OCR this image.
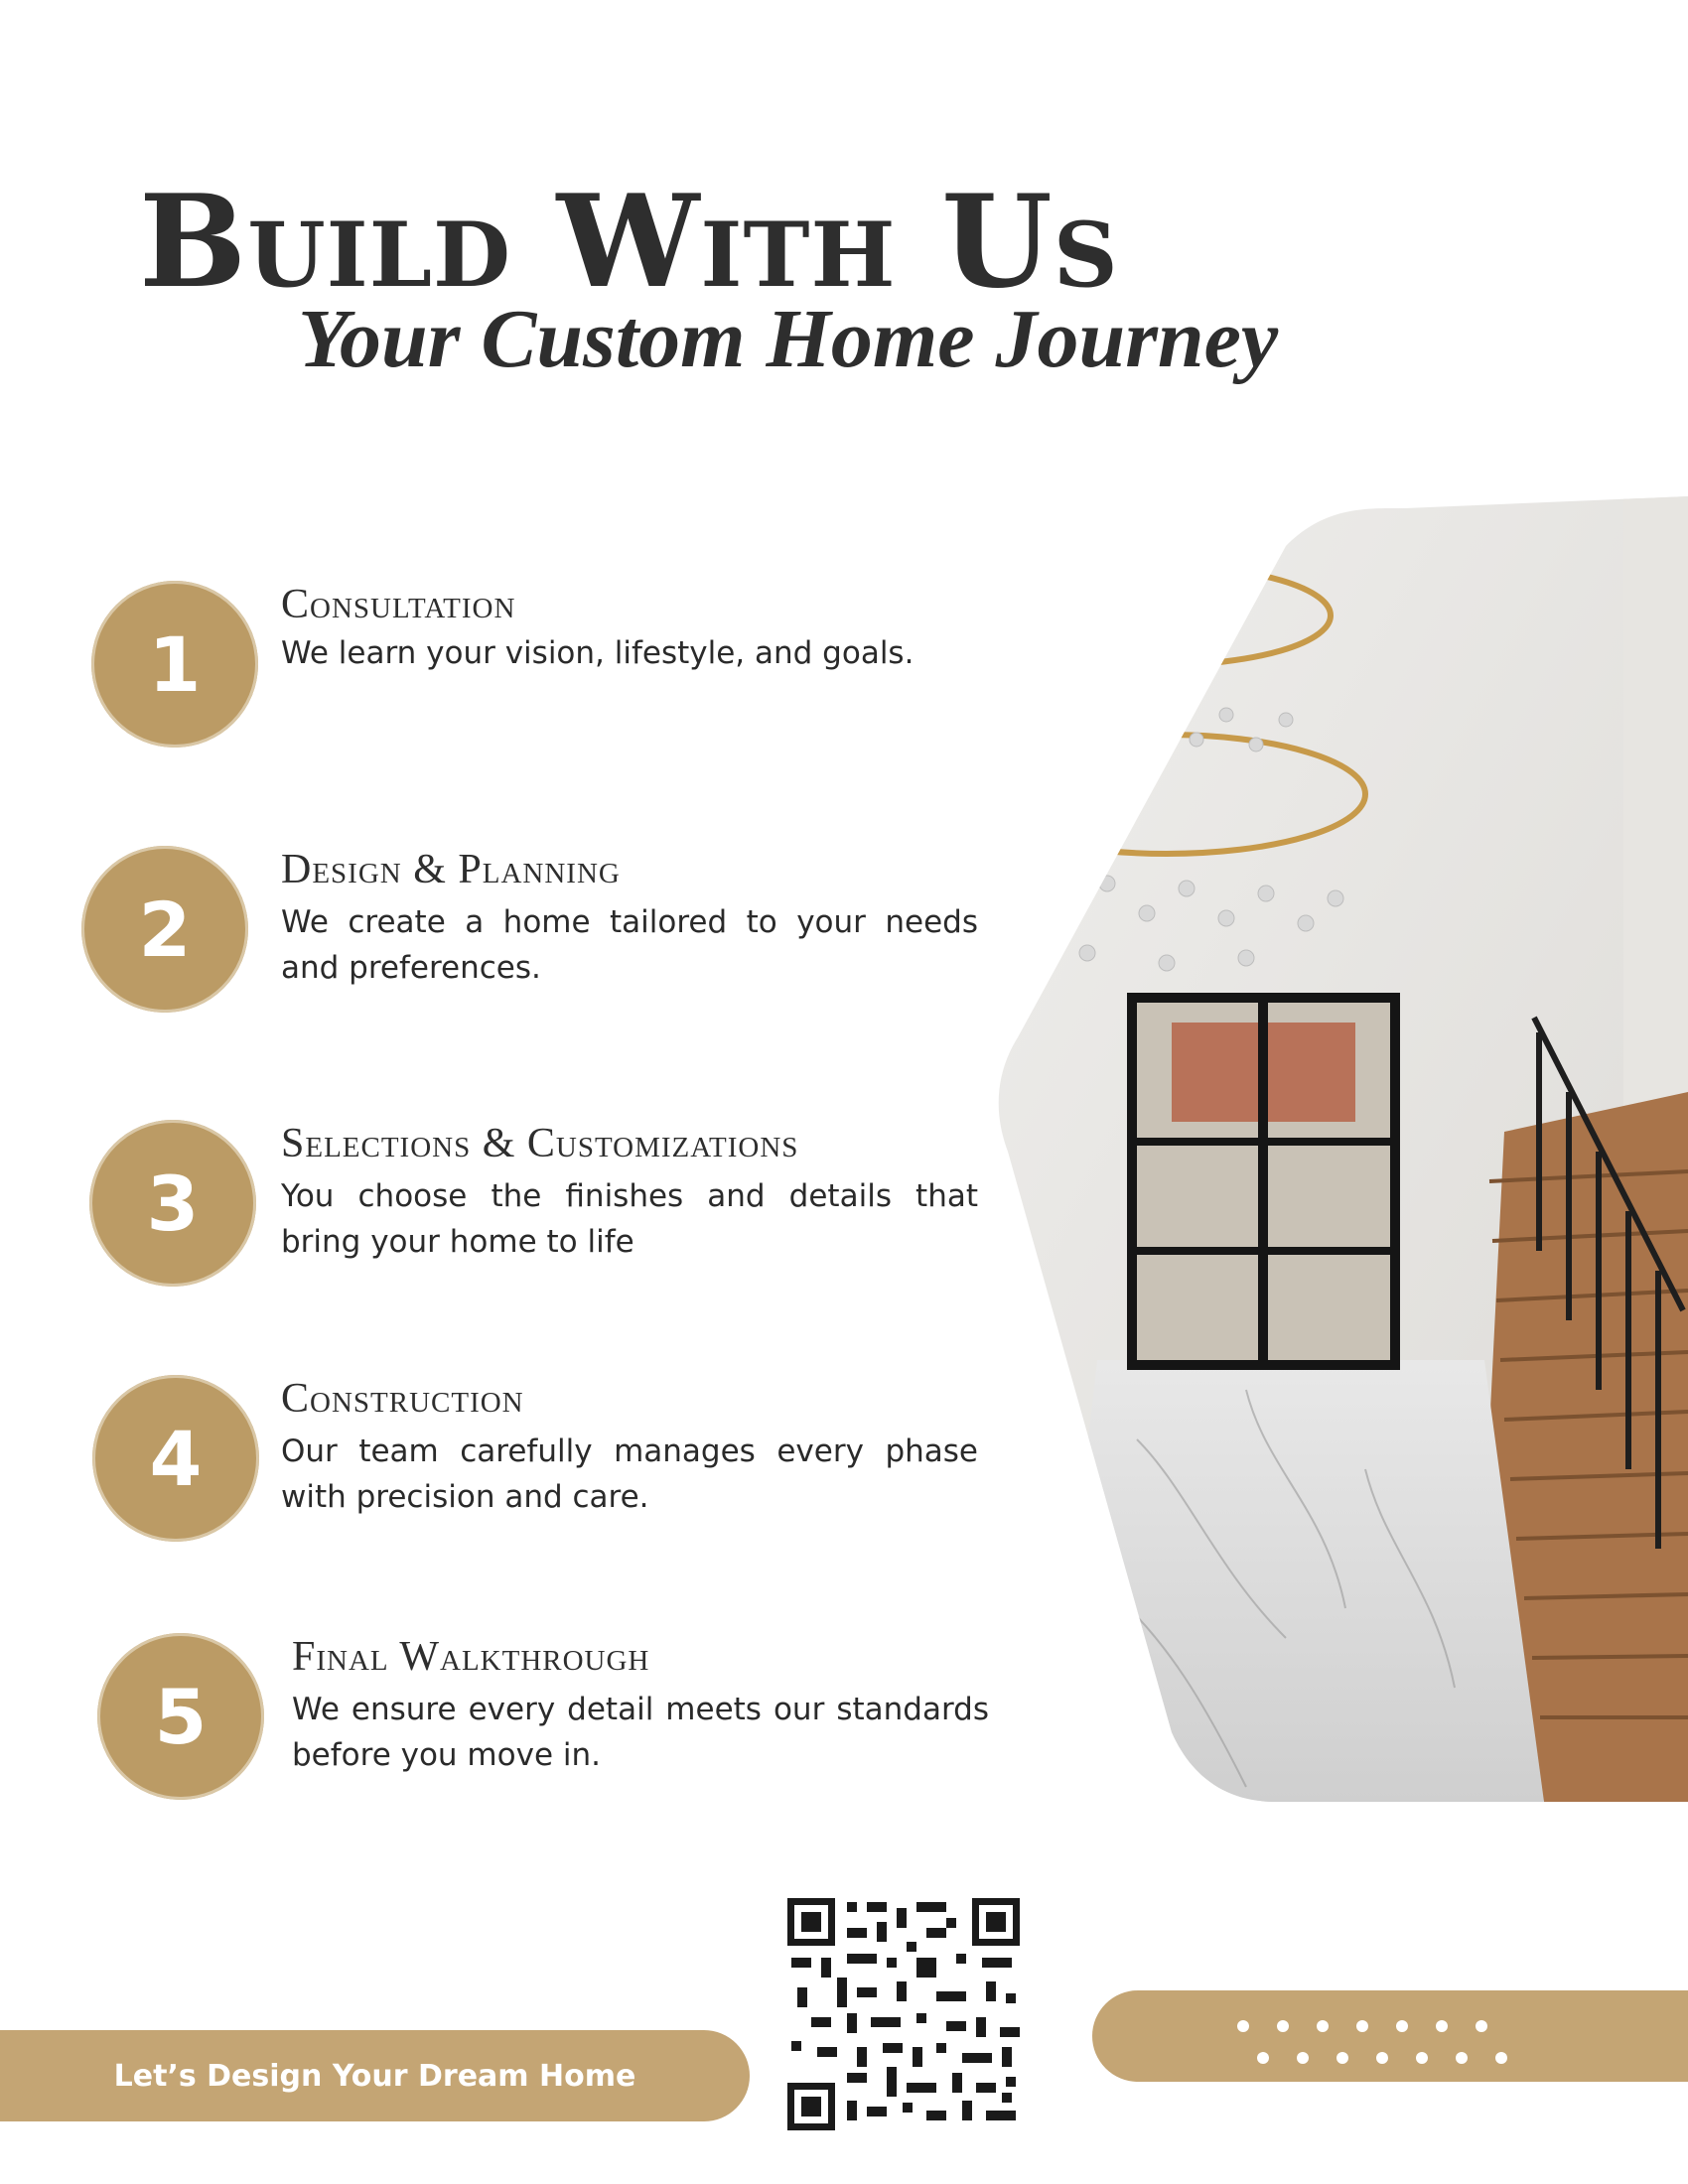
Build With Us
Your Custom Home Journey
1
Consultation

We learn your vision, lifestyle, and goals.

2
Design & Planning

We create a home tailored to your needs and preferences.

3
Selections & Customizations

You choose the finishes and details that bring your home to life

4
Construction

Our team carefully manages every phase with precision and care.

5
Final Walkthrough

We ensure every detail meets our standards before you move in.

Let’s Design Your Dream Home
